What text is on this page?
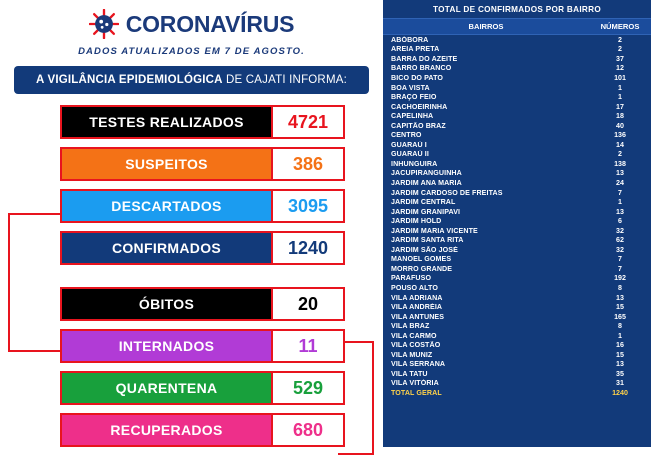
CORONAVÍRUS
DADOS ATUALIZADOS EM 7 DE AGOSTO.
A VIGILÂNCIA EPIDEMIOLÓGICA DE CAJATI INFORMA:
TESTES REALIZADOS	4721
SUSPEITOS	386
DESCARTADOS	3095
CONFIRMADOS	1240
ÓBITOS	20
INTERNADOS	11
QUARENTENA	529
RECUPERADOS	680
TOTAL DE CONFIRMADOS POR BAIRRO
BAIRROS	NÚMEROS
ABÓBORA	2
AREIA PRETA	2
BARRA DO AZEITE	37
BARRO BRANCO	12
BICO DO PATO	101
BOA VISTA	1
BRAÇO FEIO	1
CACHOEIRINHA	17
CAPELINHA	18
CAPITÃO BRAZ	40
CENTRO	136
GUARAÚ I	14
GUARAÚ II	2
INHUNGUIRA	138
JACUPIRANGUINHA	13
JARDIM ANA MARIA	24
JARDIM CARDOSO DE FREITAS	7
JARDIM CENTRAL	1
JARDIM GRANIPAVI	13
JARDIM HOLD	6
JARDIM MARIA VICENTE	32
JARDIM SANTA RITA	62
JARDIM SÃO JOSÉ	32
MANOEL GOMES	7
MORRO GRANDE	7
PARAFUSO	192
POUSO ALTO	8
VILA ADRIANA	13
VILA ANDRÉIA	15
VILA ANTUNES	165
VILA BRAZ	8
VILA CARMO	1
VILA COSTÃO	16
VILA MUNIZ	15
VILA SERRANA	13
VILA TATU	35
VILA VITÓRIA	31
TOTAL GERAL	1240
